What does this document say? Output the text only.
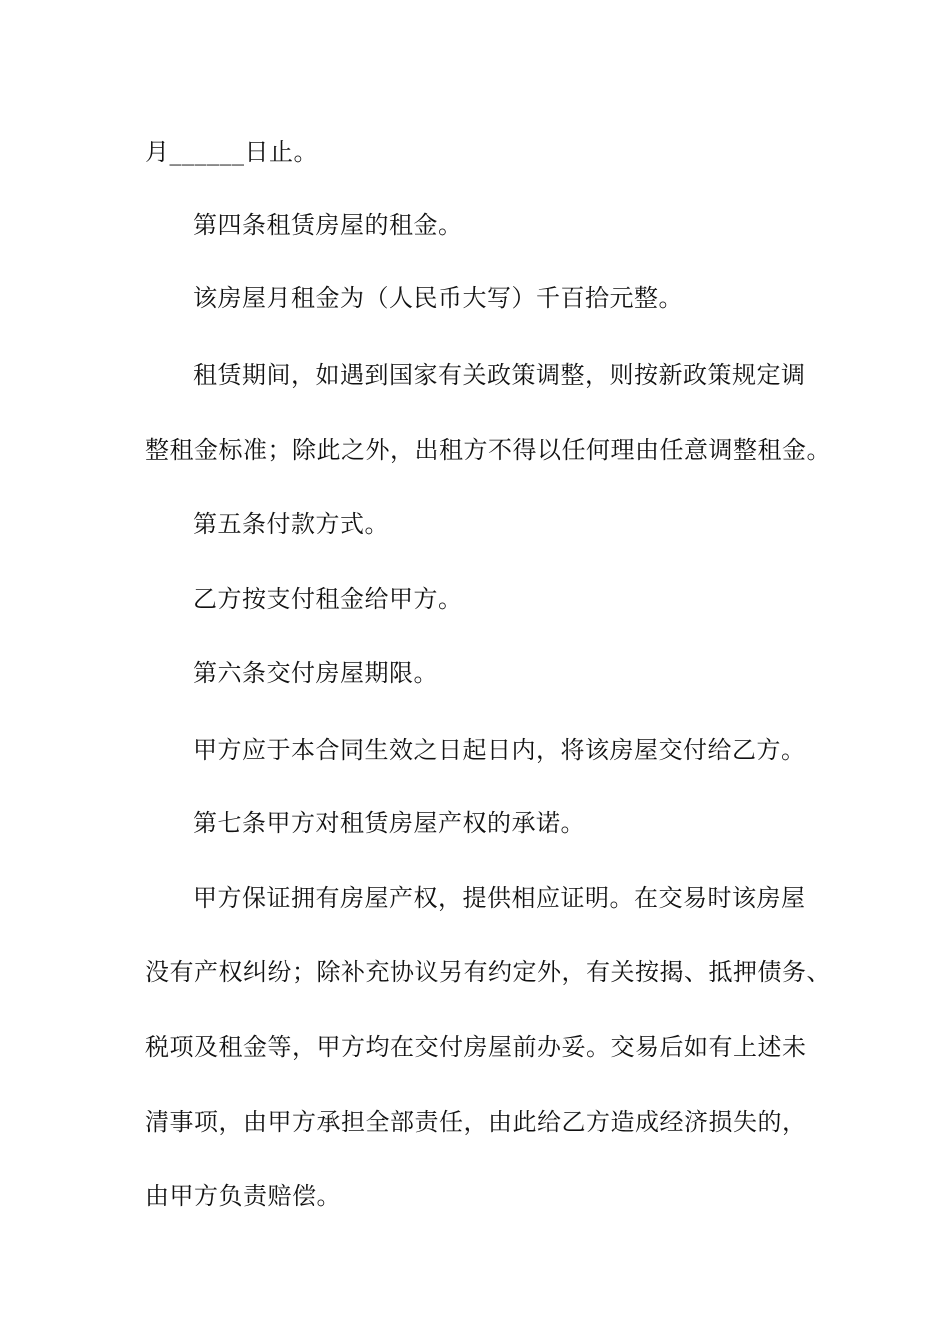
月______日止。
第四条租赁房屋的租金。
该房屋月租金为（人民币大写）千百拾元整。
租赁期间，如遇到国家有关政策调整，则按新政策规定调
整租金标准；除此之外，出租方不得以任何理由任意调整租金。
第五条付款方式。
乙方按支付租金给甲方。
第六条交付房屋期限。
甲方应于本合同生效之日起日内，将该房屋交付给乙方。
第七条甲方对租赁房屋产权的承诺。
甲方保证拥有房屋产权，提供相应证明。在交易时该房屋
没有产权纠纷；除补充协议另有约定外，有关按揭、抵押债务、
税项及租金等，甲方均在交付房屋前办妥。交易后如有上述未
清事项，由甲方承担全部责任，由此给乙方造成经济损失的，
由甲方负责赔偿。
